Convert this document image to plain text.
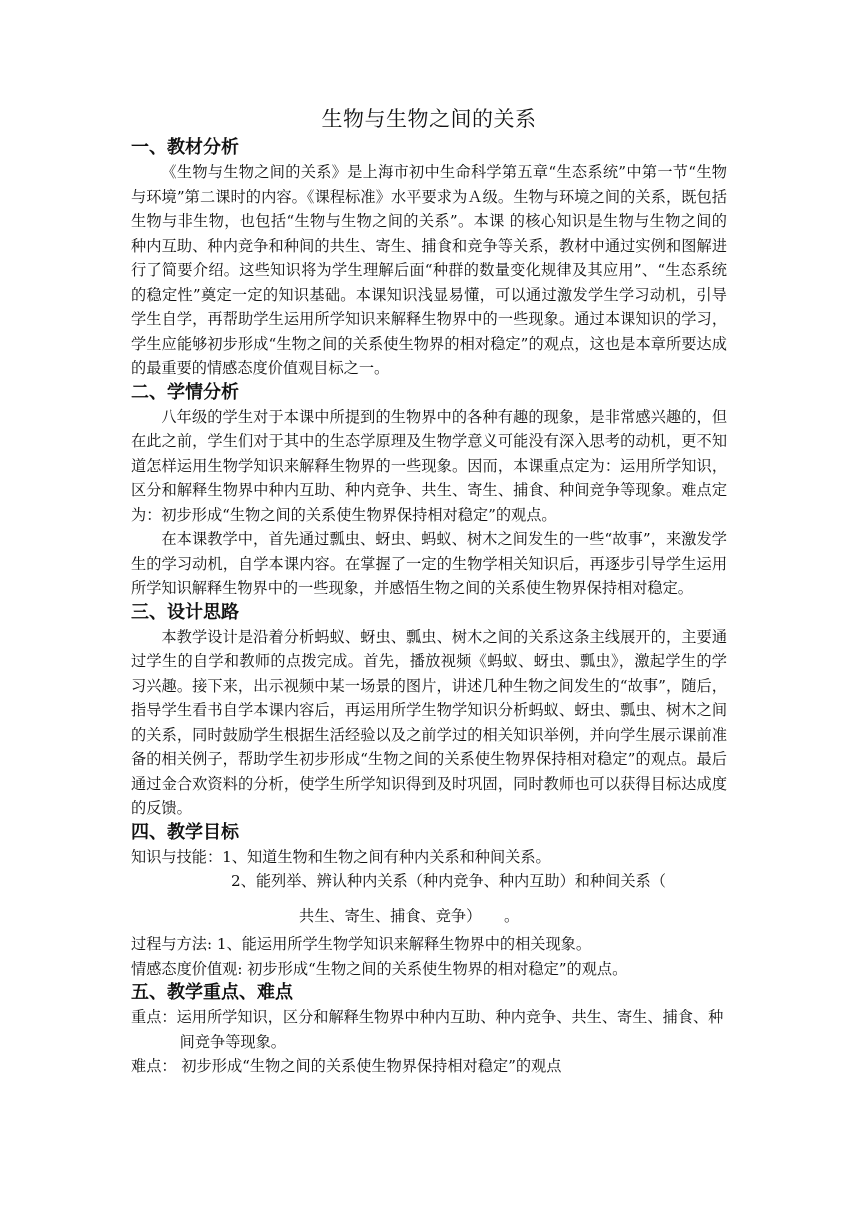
生物与生物之间的关系
一、教材分析

《生物与生物之间的关系》是上海市初中生命科学第五章“生态系统”中第一节“生物与环境”第二课时的内容。《课程标准》水平要求为Ａ级。生物与环境之间的关系，既包括生物与非生物，也包括“生物与生物之间的关系”。本课 的核心知识是生物与生物之间的种内互助、种内竞争和种间的共生、寄生、捕食和竞争等关系，教材中通过实例和图解进行了简要介绍。这些知识将为学生理解后面“种群的数量变化规律及其应用”、“生态系统的稳定性”奠定一定的知识基础。本课知识浅显易懂，可以通过激发学生学习动机，引导学生自学，再帮助学生运用所学知识来解释生物界中的一些现象。通过本课知识的学习，学生应能够初步形成“生物之间的关系使生物界的相对稳定”的观点，这也是本章所要达成的最重要的情感态度价值观目标之一。

二、学情分析

八年级的学生对于本课中所提到的生物界中的各种有趣的现象，是非常感兴趣的，但在此之前，学生们对于其中的生态学原理及生物学意义可能没有深入思考的动机，更不知道怎样运用生物学知识来解释生物界的一些现象。因而，本课重点定为：运用所学知识，区分和解释生物界中种内互助、种内竞争、共生、寄生、捕食、种间竞争等现象。难点定为：初步形成“生物之间的关系使生物界保持相对稳定”的观点。

在本课教学中，首先通过瓢虫、蚜虫、蚂蚁、树木之间发生的一些“故事”，来激发学生的学习动机，自学本课内容。在掌握了一定的生物学相关知识后，再逐步引导学生运用所学知识解释生物界中的一些现象，并感悟生物之间的关系使生物界保持相对稳定。

三、设计思路

本教学设计是沿着分析蚂蚁、蚜虫、瓢虫、树木之间的关系这条主线展开的，主要通过学生的自学和教师的点拨完成。首先，播放视频《蚂蚁、蚜虫、瓢虫》，激起学生的学习兴趣。接下来，出示视频中某一场景的图片，讲述几种生物之间发生的“故事”，随后，指导学生看书自学本课内容后，再运用所学生物学知识分析蚂蚁、蚜虫、瓢虫、树木之间的关系，同时鼓励学生根据生活经验以及之前学过的相关知识举例，并向学生展示课前准备的相关例子，帮助学生初步形成“生物之间的关系使生物界保持相对稳定”的观点。最后通过金合欢资料的分析，使学生所学知识得到及时巩固，同时教师也可以获得目标达成度的反馈。

四、教学目标

知识与技能：1、知道生物和生物之间有种内关系和种间关系。

2、能列举、辨认种内关系（种内竞争、种内互助）和种间关系（

共生、寄生、捕食、竞争）　　。

过程与方法: 1、能运用所学生物学知识来解释生物界中的相关现象。

情感态度价值观: 初步形成“生物之间的关系使生物界的相对稳定”的观点。

五、教学重点、难点

重点：运用所学知识，区分和解释生物界中种内互助、种内竞争、共生、寄生、捕食、种间竞争等现象。

难点： 初步形成“生物之间的关系使生物界保持相对稳定”的观点
